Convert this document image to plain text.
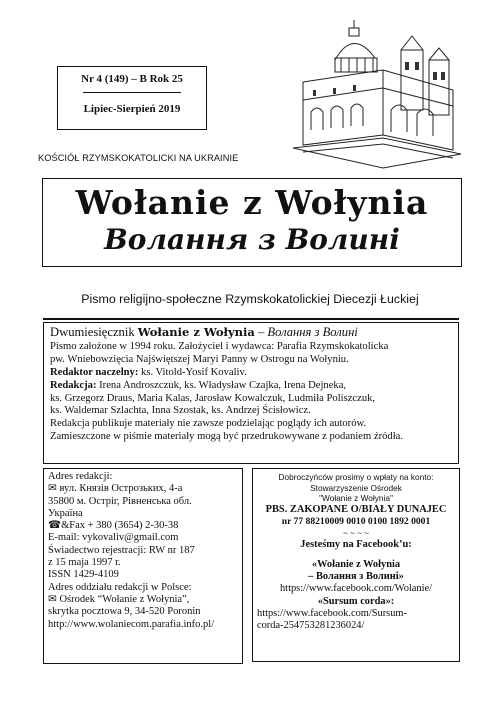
Nr 4 (149) – B Rok 25
Lipiec-Sierpień 2019
KOŚCIÓŁ RZYMSKOKATOLICKI NA UKRAINIE
Wołanie z Wołynia
Волання з Волині
Pismo religijno-społeczne Rzymskokatolickiej Diecezji Łuckiej

Dwumiesięcznik Wołanie z Wołynia – Волання з Волині

Pismo założone w 1994 roku. Założyciel i wydawca: Parafia Rzymskokatolicka

pw. Wniebowzięcia Najświętszej Maryi Panny w Ostrogu na Wołyniu.

Redaktor naczelny: ks. Vitold-Yosif Kovaliv.

Redakcja: Irena Androszczuk, ks. Władysław Czajka, Irena Dejneka,

ks. Grzegorz Draus, Maria Kalas, Jarosław Kowalczuk, Ludmiła Poliszczuk,

ks. Waldemar Szlachta, Inna Szostak, ks. Andrzej Ścisłowicz.

Redakcja publikuje materiały nie zawsze podzielając poglądy ich autorów.

Zamieszczone w piśmie materiały mogą być przedrukowywane z podaniem źródła.

Adres redakcji:
✉ вул. Князів Острозьких, 4-а
35800 м. Острiг, Рiвненська обл.
Україна
☎&Fax + 380 (3654) 2-30-38
E-mail: vykovaliv@gmail.com
Świadectwo rejestracji: RW nr 187
z 15 maja 1997 r.
ISSN 1429-4109
Adres oddziału redakcji w Polsce:
✉ Ośrodek “Wołanie z Wołynia”,
skrytka pocztowa 9, 34-520 Poronin
http://www.wolaniecom.parafia.info.pl/
Dobroczyńców prosimy o wpłaty na konto:
Stowarzyszenie Ośrodek
"Wołanie z Wołynia"
PBS. ZAKOPANE O/BIAŁY DUNAJEC
nr 77 88210009 0010 0100 1892 0001
~ ~ ~ ~
Jesteśmy na Facebook’u:
«Wołanie z Wołynia
– Волання з Волині»
https://www.facebook.com/Wolanie/
«Sursum corda»:
https://www.facebook.com/Sursum-
corda-254753281236024/
